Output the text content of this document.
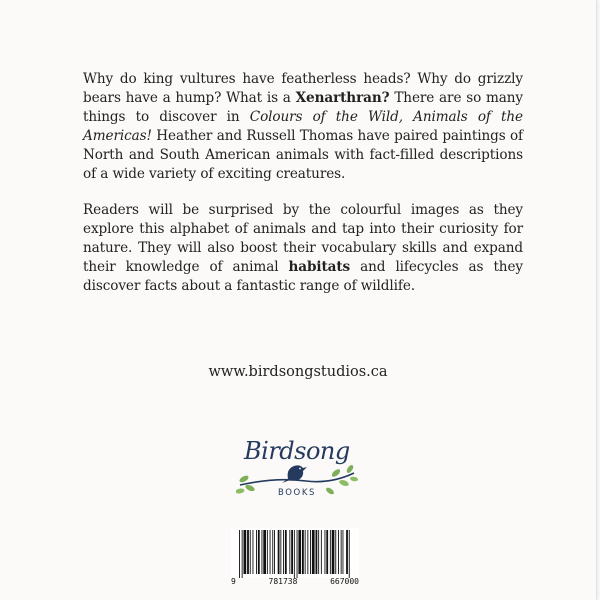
Why do king vultures have featherless heads? Why do grizzly bears have a hump? What is a Xenarthran? There are so many things to discover in Colours of the Wild, Animals of the Americas! Heather and Russell Thomas have paired paintings of North and South American animals with fact-filled descriptions of a wide variety of exciting creatures.

Readers will be surprised by the colourful images as they explore this alphabet of animals and tap into their curiosity for nature. They will also boost their vocabulary skills and expand their knowledge of animal habitats and lifecycles as they discover facts about a fantastic range of wildlife.

www.birdsongstudios.ca
Birdsong
BOOKS
9	781738	667000
